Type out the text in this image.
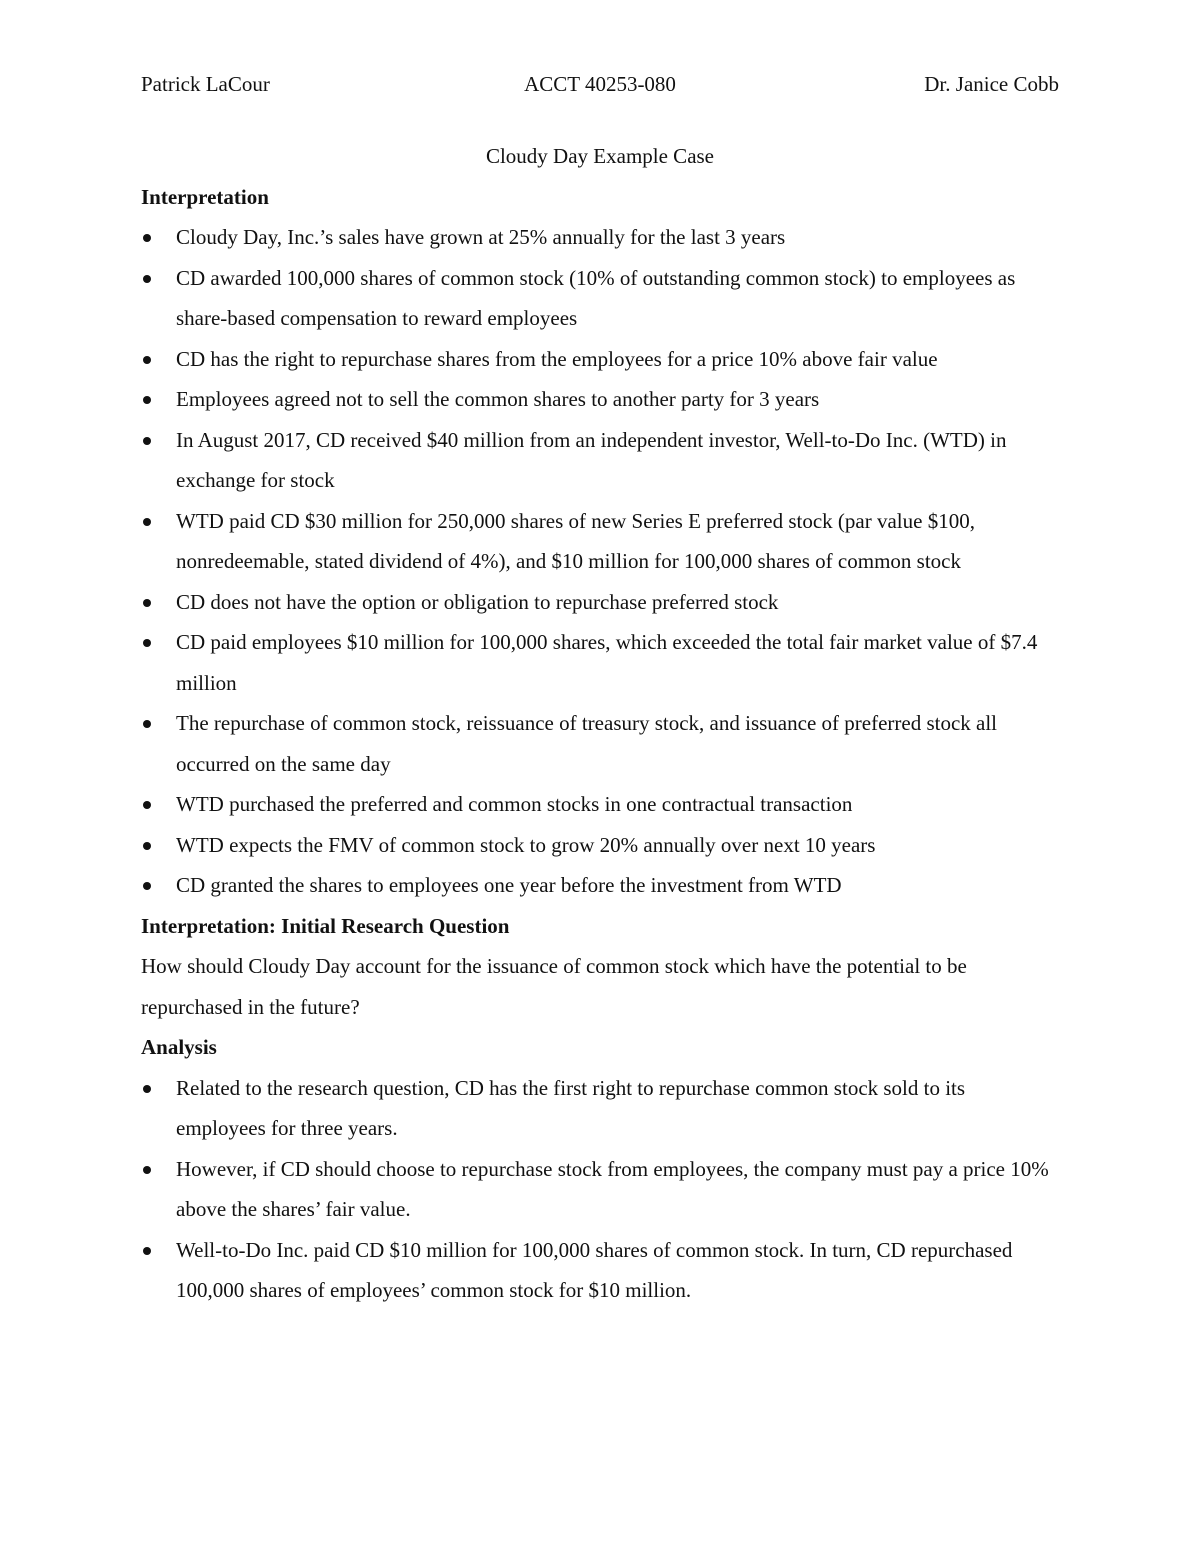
Patrick LaCour	ACCT 40253-080	Dr. Janice Cobb

Cloudy Day Example Case

Interpretation

Cloudy Day, Inc.’s sales have grown at 25% annually for the last 3 years
CD awarded 100,000 shares of common stock (10% of outstanding common stock) to employees as share-based compensation to reward employees
CD has the right to repurchase shares from the employees for a price 10% above fair value
Employees agreed not to sell the common shares to another party for 3 years
In August 2017, CD received $40 million from an independent investor, Well-to-Do Inc. (WTD) in exchange for stock
WTD paid CD $30 million for 250,000 shares of new Series E preferred stock (par value $100, nonredeemable, stated dividend of 4%), and $10 million for 100,000 shares of common stock
CD does not have the option or obligation to repurchase preferred stock
CD paid employees $10 million for 100,000 shares, which exceeded the total fair market value of $7.4 million
The repurchase of common stock, reissuance of treasury stock, and issuance of preferred stock all occurred on the same day
WTD purchased the preferred and common stocks in one contractual transaction
WTD expects the FMV of common stock to grow 20% annually over next 10 years
CD granted the shares to employees one year before the investment from WTD

Interpretation: Initial Research Question

How should Cloudy Day account for the issuance of common stock which have the potential to be repurchased in the future?

Analysis

Related to the research question, CD has the first right to repurchase common stock sold to its employees for three years.
However, if CD should choose to repurchase stock from employees, the company must pay a price 10% above the shares’ fair value.
Well-to-Do Inc. paid CD $10 million for 100,000 shares of common stock. In turn, CD repurchased 100,000 shares of employees’ common stock for $10 million.
